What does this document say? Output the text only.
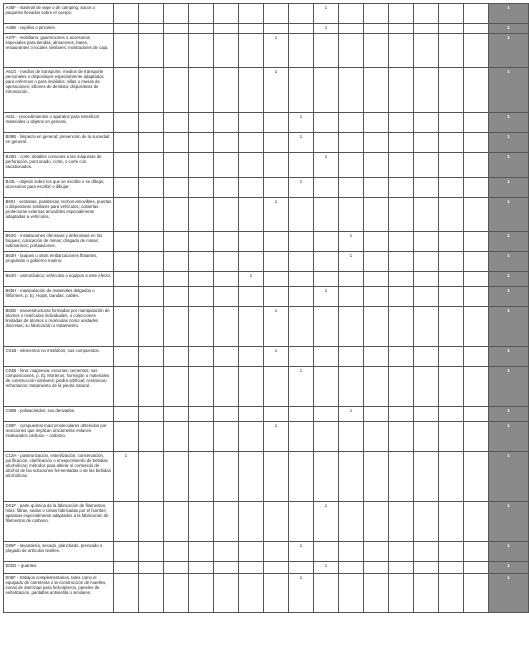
A45F - material de viaje o de camping; sacos o paquetes llevados sobre el cuerpo.									1							1
A45B - cepillos o pinceles.									1							1
A47F - mobiliario, guarniciones o accesorios especiales para tiendas, almacenes, bares, restaurantes o locales similares; mostradores de caja.							1									1
A61G - medios de transporte, medios de transporte personales o dispositivos especialmente adaptados para enfermos o para inválidos; sillas o mesas de operaciones; sillones de dentista; dispositivos de inhumación.							1									1
A61L - procedimientos o aparatos para esterilizar materiales u objetos en general.								1								1
B08B - limpieza en general; prevención de la suciedad en general.								1								1
B26D - corte; detalles comunes a las máquinas de perforación, punzonado, corte, o corte con sacabocados.									1							1
B43L - objetos sobre los que se escribe o se dibuja; accesorios para escribir o dibujar.								1								1
B60J - ventanas, parabrisas, techos amovibles, puertas o dispositivos similares para vehículos; cubiertas protectoras externas amovibles especialmente adaptadas a vehículos.							1									1
B63G - instalaciones ofensivas y defensivas en los buques; colocación de minas; dragado de minas; submarinos; portaaviones.										1						1
B63H - buques u otras embarcaciones flotantes, propulsión o gobierno marino.										1						1
B64G - astronáutica; vehículos o equipos a este efecto.						1										1
B65H - manipulación de materiales delgados o filiformes, p. Ej. Hojas, bandas, cables.									1							1
B82B - nanoestructuras formadas por manipulación de átomos o moléculas individuales, o colecciones limitadas de átomos o moléculas como unidades discretas; su fabricación o tratamiento.							1									1
C01B - elementos no metálicos; sus compuestos.							1									1
C04B - lima; magnesia; escorias; cementos; sus composiciones, p. Ej. Morteros, hormigón o materiales de construcción similares; piedra artificial; cerámicas; refractarios; tratamiento de la piedra natural.								1								1
C08B - polisacáridos; sus derivados.										1						1
C08F - compuestos macromoleculares obtenidos por reacciones que implican únicamente enlaces insaturados carbono – carbono.							1									1
C12H - pasteurización, esterilización, conservación, purificación, clarificación o envejecimiento de bebidas alcohólicas; métodos para alterar el contenido de alcohol de las soluciones fermentadas o de las bebidas alcohólicas.	1															1
D01F - parte química de la fabricación de filamentos, hilos, fibras, sedas o cintas fabricadas por el hombre; aparatos especialmente adaptados a la fabricación de filamentos de carbono.									1							1
D06F - lavandería, secado, planchado, prensado o plegado de artículos textiles.								1								1
E02D – guantes.									1							1
E06F - trabajos complementarios, tales como el equipado de carreteras o la construcción de muelles, zonas de aterrizaje para helicópteros, paneles de señalización, pantallas antiniebla o similares.								1								1
